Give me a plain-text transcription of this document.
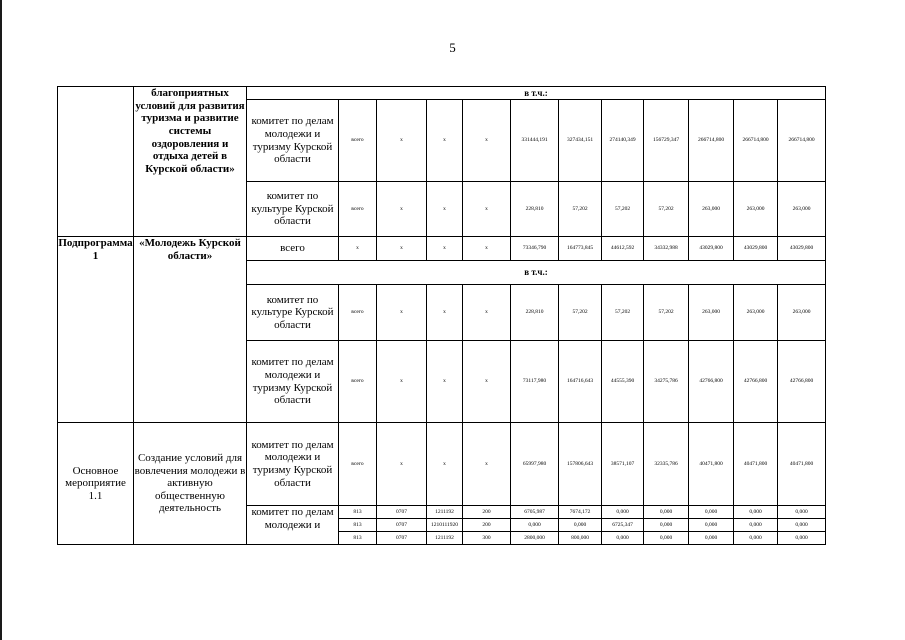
5
	благоприятных условий для развития туризма и развитие системы оздоровления и отдыха детей в Курской области»	в т.ч.:											
		комитет по делам молодежи и туризму Курской области	всего	x	x	x	331444,191	327434,151	274140,349	156729,347	266714,800	266714,800	266714,800
		комитет по культуре Курской области	всего	x	x	x	228,810	57,202	57,202	57,202	263,000	263,000	263,000
Подпрограмма 1	«Молодежь Курской области»	всего	x	x	x	x	73346,790	164773,845	44612,592	34332,988	43029,800	43029,800	43029,800
		в т.ч.:											
		комитет по культуре Курской области	всего	x	x	x	228,810	57,202	57,202	57,202	263,000	263,000	263,000
		комитет по делам молодежи и туризму Курской области	всего	x	x	x	73117,980	164716,643	44555,390	34275,786	42766,800	42766,800	42766,800
Основное мероприятие 1.1	Создание условий для вовлечения молодежи в активную общественную деятельность	комитет по делам молодежи и туризму Курской области	всего	x	x	x	65997,980	157806,643	38571,107	32335,786	40471,800	40471,800	40471,800
		комитет по делам молодежи и	813	0707	1211192	200	6705,987	7674,172	0,000	0,000	0,000	0,000	0,000
			813	0707	1210111920	200	0,000	0,000	6725,347	0,000	0,000	0,000	0,000
			813	0707	1211192	300	2800,000	800,000	0,000	0,000	0,000	0,000	0,000
